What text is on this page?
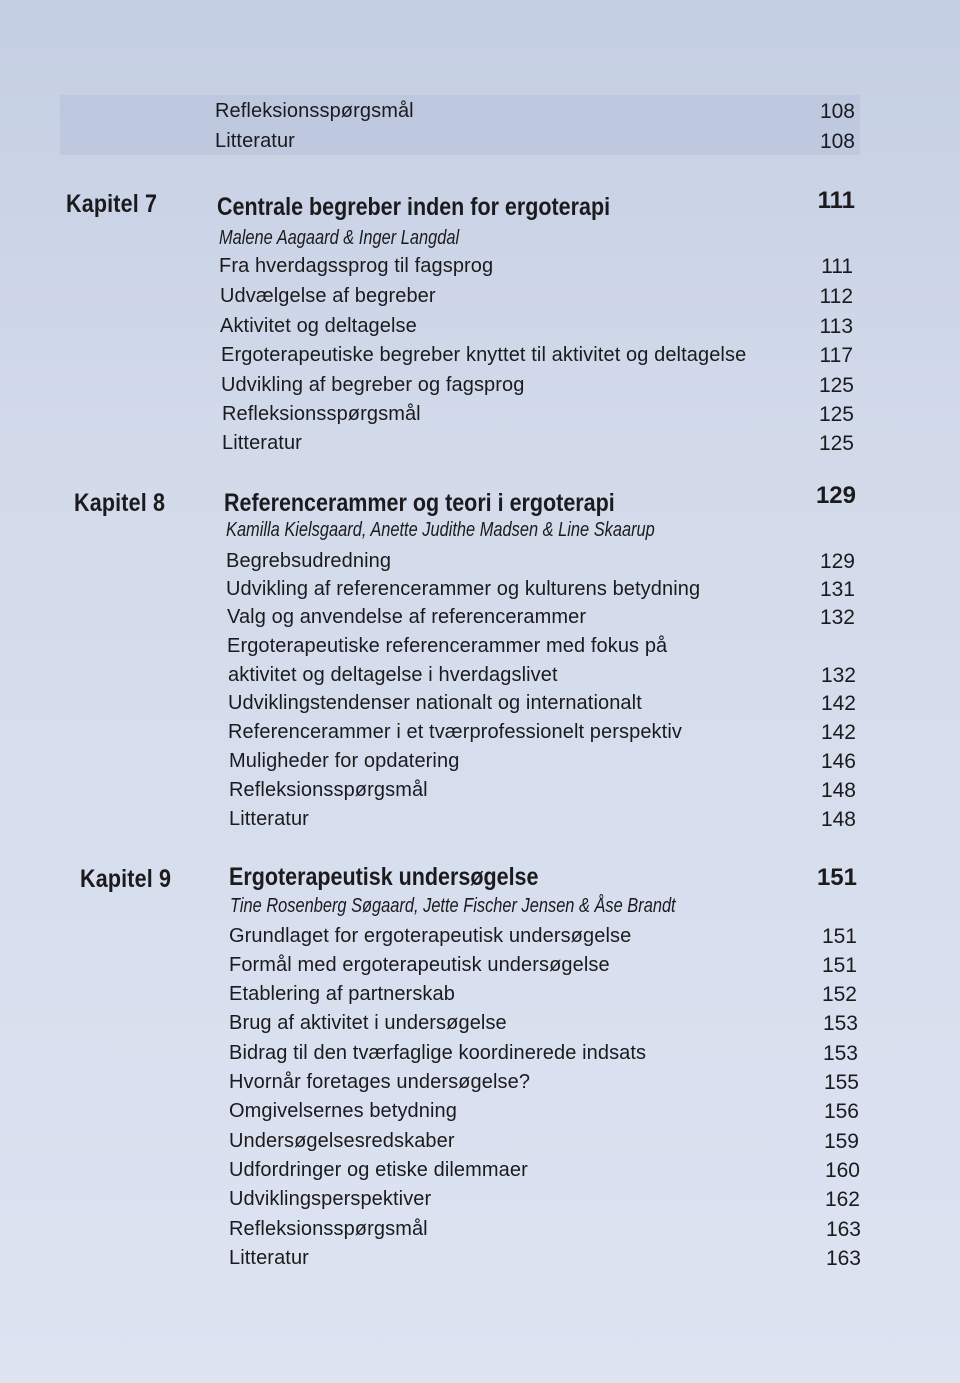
Refleksionsspørgsmål	108
Litteratur	108
Kapitel 7 Centrale begreber inden for ergoterapi	111
Malene Aagaard & Inger Langdal
Fra hverdagssprog til fagsprog	111
Udvælgelse af begreber	112
Aktivitet og deltagelse	113
Ergoterapeutiske begreber knyttet til aktivitet og deltagelse	117
Udvikling af begreber og fagsprog	125
Refleksionsspørgsmål	125
Litteratur	125
Kapitel 8 Referencerammer og teori i ergoterapi	129
Kamilla Kielsgaard, Anette Judithe Madsen & Line Skaarup
Begrebsudredning	129
Udvikling af referencerammer og kulturens betydning	131
Valg og anvendelse af referencerammer	132
Ergoterapeutiske referencerammer med fokus på
aktivitet og deltagelse i hverdagslivet	132
Udviklingstendenser nationalt og internationalt	142
Referencerammer i et tværprofessionelt perspektiv	142
Muligheder for opdatering	146
Refleksionsspørgsmål	148
Litteratur	148
Kapitel 9 Ergoterapeutisk undersøgelse	151
Tine Rosenberg Søgaard, Jette Fischer Jensen & Åse Brandt
Grundlaget for ergoterapeutisk undersøgelse	151
Formål med ergoterapeutisk undersøgelse	151
Etablering af partnerskab	152
Brug af aktivitet i undersøgelse	153
Bidrag til den tværfaglige koordinerede indsats	153
Hvornår foretages undersøgelse?	155
Omgivelsernes betydning	156
Undersøgelsesredskaber	159
Udfordringer og etiske dilemmaer	160
Udviklingsperspektiver	162
Refleksionsspørgsmål	163
Litteratur	163
